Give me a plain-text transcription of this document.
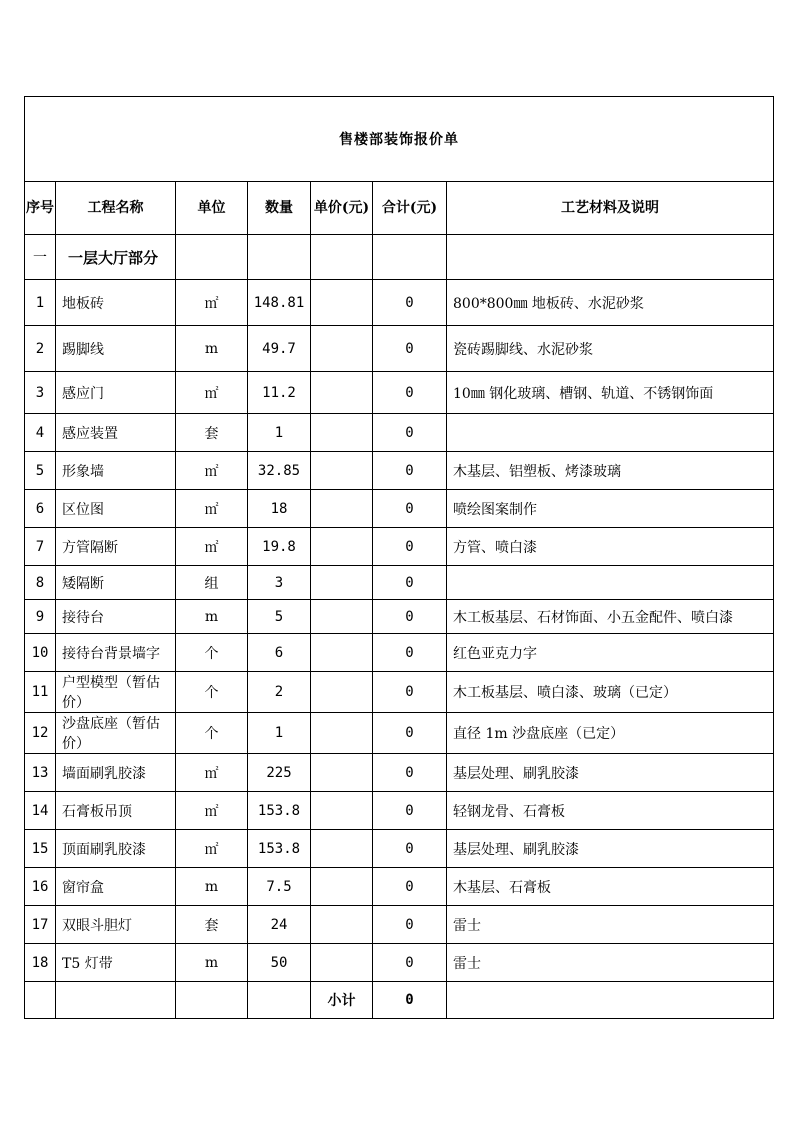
售楼部装饰报价单						
序号	工程名称	单位	数量	单价(元)	合计(元)	工艺材料及说明
一	一层大厅部分					
1	地板砖	㎡	148.81		0	800*800㎜ 地板砖、水泥砂浆
2	踢脚线	m	49.7		0	瓷砖踢脚线、水泥砂浆
3	感应门	㎡	11.2		0	10㎜ 钢化玻璃、槽钢、轨道、不锈钢饰面
4	感应装置	套	1		0	
5	形象墙	㎡	32.85		0	木基层、铝塑板、烤漆玻璃
6	区位图	㎡	18		0	喷绘图案制作
7	方管隔断	㎡	19.8		0	方管、喷白漆
8	矮隔断	组	3		0	
9	接待台	m	5		0	木工板基层、石材饰面、小五金配件、喷白漆
10	接待台背景墙字	个	6		0	红色亚克力字
11	户型模型（暂估价）	个	2		0	木工板基层、喷白漆、玻璃（已定）
12	沙盘底座（暂估价）	个	1		0	直径 1m 沙盘底座（已定）
13	墙面刷乳胶漆	㎡	225		0	基层处理、刷乳胶漆
14	石膏板吊顶	㎡	153.8		0	轻钢龙骨、石膏板
15	顶面刷乳胶漆	㎡	153.8		0	基层处理、刷乳胶漆
16	窗帘盒	m	7.5		0	木基层、石膏板
17	双眼斗胆灯	套	24		0	雷士
18	T5 灯带	m	50		0	雷士
				小计	0	
